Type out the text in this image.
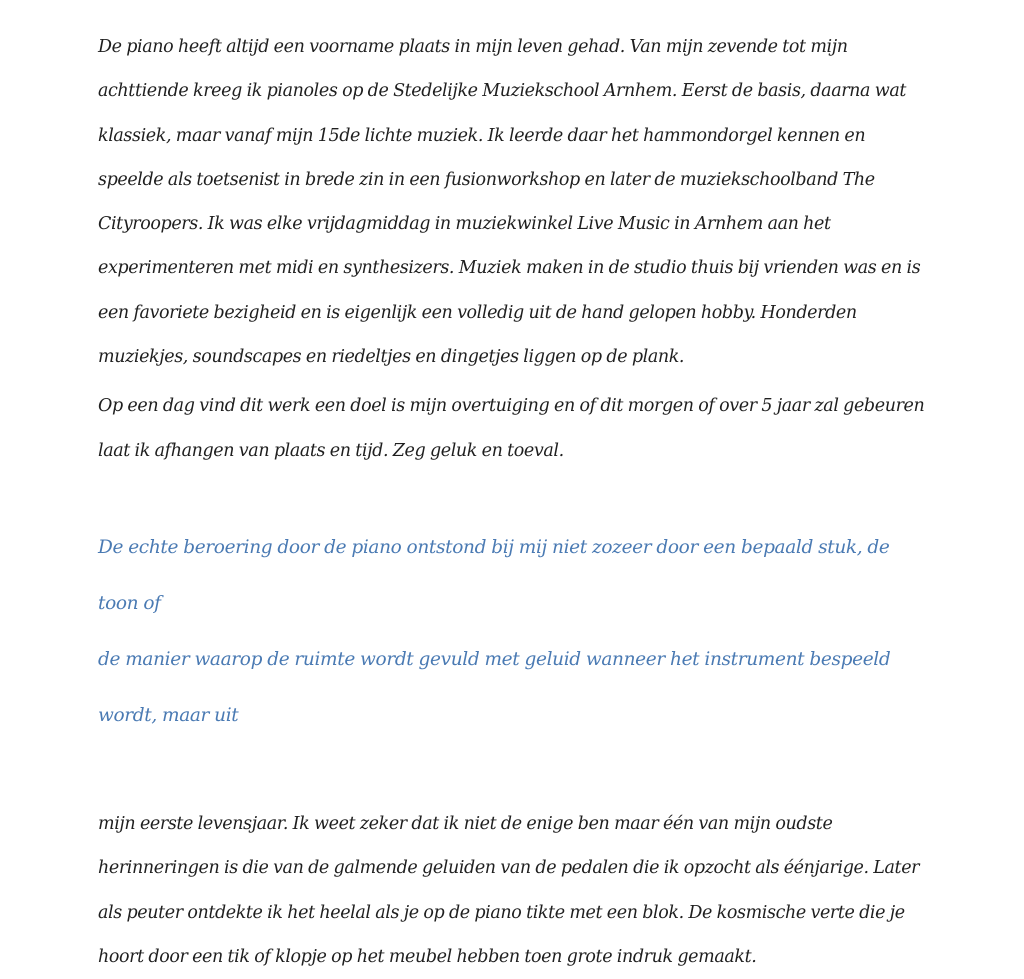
De piano heeft altijd een voorname plaats in mijn leven gehad. Van mijn zevende tot mijn achttiende kreeg ik pianoles op de Stedelijke Muziekschool Arnhem. Eerst de basis, daarna wat klassiek, maar vanaf mijn 15de lichte muziek. Ik leerde daar het hammondorgel kennen en speelde als toetsenist in brede zin in een fusionworkshop en later de muziekschoolband The Cityroopers. Ik was elke vrijdagmiddag in muziekwinkel Live Music in Arnhem aan het experimenteren met midi en synthesizers. Muziek maken in de studio thuis bij vrienden was en is een favoriete bezigheid en is eigenlijk een volledig uit de hand gelopen hobby. Honderden muziekjes, soundscapes en riedeltjes en dingetjes liggen op de plank.

Op een dag vind dit werk een doel is mijn overtuiging en of dit morgen of over 5 jaar zal gebeuren laat ik afhangen van plaats en tijd. Zeg geluk en toeval.

De echte beroering door de piano ontstond bij mij niet zozeer door een bepaald stuk, de toon of

de manier waarop de ruimte wordt gevuld met geluid wanneer het instrument bespeeld wordt, maar uit

mijn eerste levensjaar. Ik weet zeker dat ik niet de enige ben maar één van mijn oudste herinneringen is die van de galmende geluiden van de pedalen die ik opzocht als éénjarige. Later als peuter ontdekte ik het heelal als je op de piano tikte met een blok. De kosmische verte die je hoort door een tik of klopje op het meubel hebben toen grote indruk gemaakt.
